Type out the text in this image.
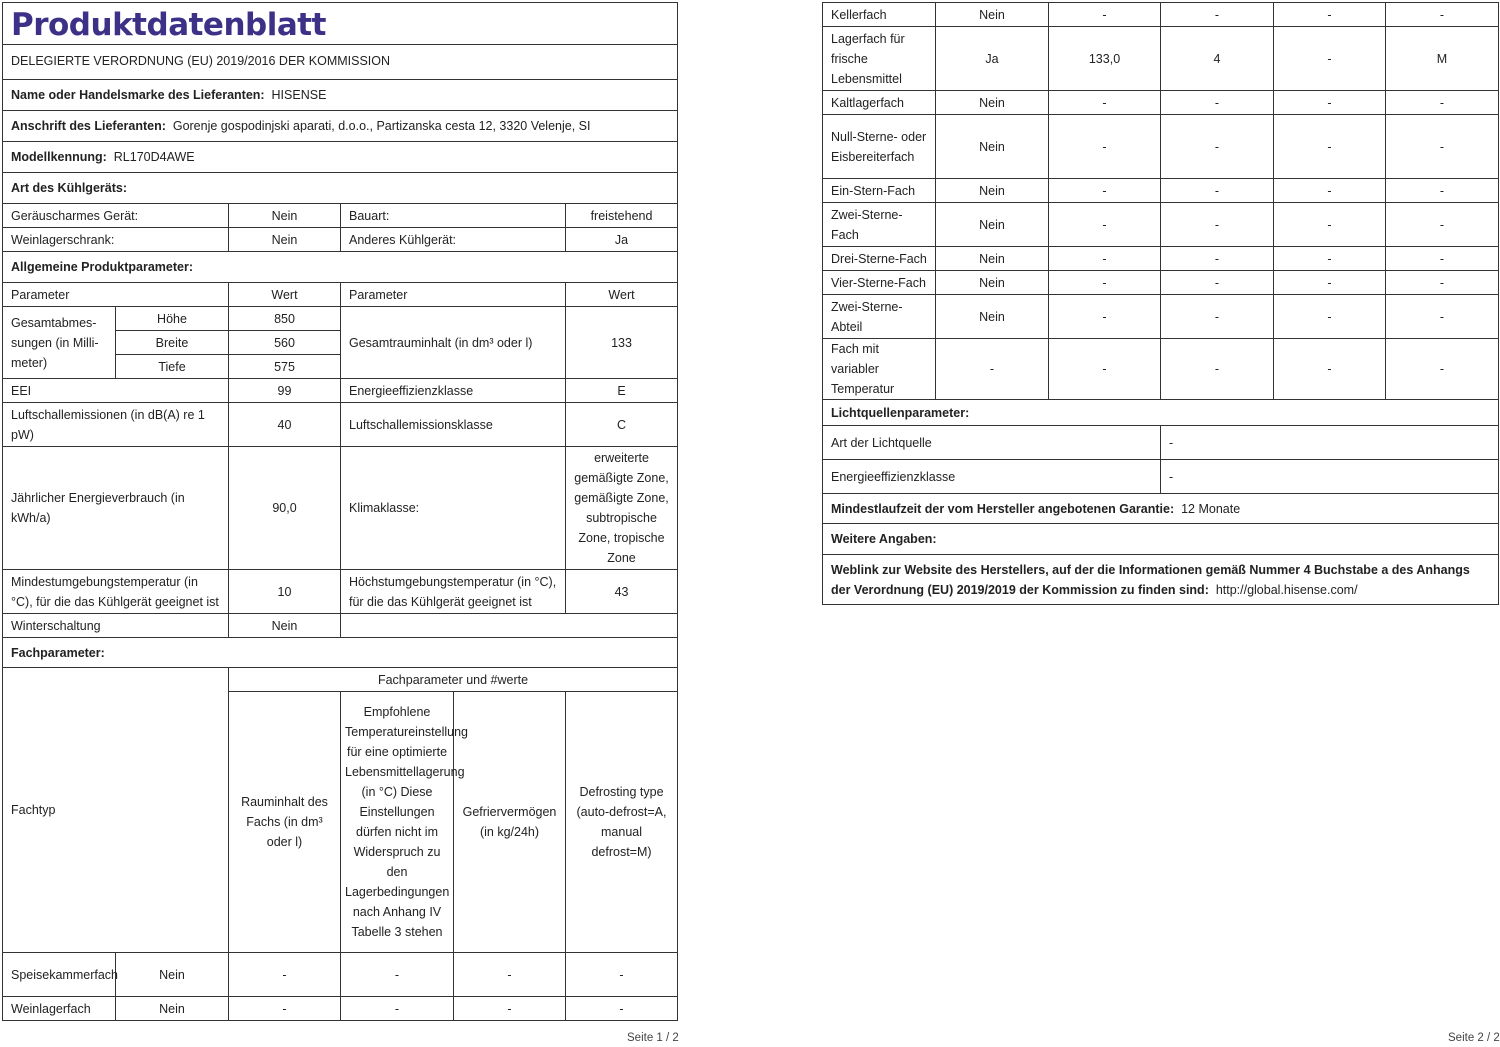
Produktdatenblatt					
DELEGIERTE VERORDNUNG (EU) 2019/2016 DER KOMMISSION					
Name oder Handelsmarke des Lieferanten: HISENSE					
Anschrift des Lieferanten: Gorenje gospodinjski aparati, d.o.o., Partizanska cesta 12, 3320 Velenje, SI					
Modellkennung: RL170D4AWE					
Art des Kühlgeräts:					
Geräuscharmes Gerät:		Nein	Bauart:		freistehend
Weinlagerschrank:		Nein	Anderes Kühlgerät:		Ja
Allgemeine Produktparameter:					
Parameter		Wert	Parameter		Wert
Gesamtabmes-sungen (in Milli-meter)	Höhe	850	Gesamtrauminhalt (in dm³ oder l)		133
	Breite	560			
	Tiefe	575			
EEI		99	Energieeffizienzklasse		E
Luftschallemissionen (in dB(A) re 1 pW)		40	Luftschallemissionsklasse		C
Jährlicher Energieverbrauch (in kWh/a)		90,0	Klimaklasse:		erweiterte gemäßigte Zone, gemäßigte Zone, subtropische Zone, tropische Zone
Mindestumgebungstemperatur (in °C), für die das Kühlgerät geeignet ist		10	Höchstumgebungstemperatur (in °C), für die das Kühlgerät geeignet ist		43
Winterschaltung		Nein			
Fachparameter:					
Fachtyp		Fachparameter und #werte			
		Rauminhalt des Fachs (in dm³ oder l)	Empfohlene Temperatureinstellung für eine optimierte Lebensmittellagerung (in °C) Diese Einstellungen dürfen nicht im Widerspruch zu den Lagerbedingungen nach Anhang IV Tabelle 3 stehen	Gefriervermögen (in kg/24h)	Defrosting type (auto-defrost=A, manual defrost=M)
Speisekammerfach	Nein	-	-	-	-
Weinlagerfach	Nein	-	-	-	-
Seite 1 / 2
Kellerfach	Nein	-	-	-	-
Lagerfach für frische Lebensmittel	Ja	133,0	4	-	M
Kaltlagerfach	Nein	-	-	-	-
Null-Sterne- oder Eisbereiterfach	Nein	-	-	-	-
Ein-Stern-Fach	Nein	-	-	-	-
Zwei-Sterne-Fach	Nein	-	-	-	-
Drei-Sterne-Fach	Nein	-	-	-	-
Vier-Sterne-Fach	Nein	-	-	-	-
Zwei-Sterne-Abteil	Nein	-	-	-	-
Fach mit variabler Temperatur	-	-	-	-	-
Lichtquellenparameter:					
Art der Lichtquelle			-		
Energieeffizienzklasse			-		
Mindestlaufzeit der vom Hersteller angebotenen Garantie: 12 Monate					
Weitere Angaben:					
Weblink zur Website des Herstellers, auf der die Informationen gemäß Nummer 4 Buchstabe a des Anhangs der Verordnung (EU) 2019/2019 der Kommission zu finden sind: http://global.hisense.com/					
Seite 2 / 2
